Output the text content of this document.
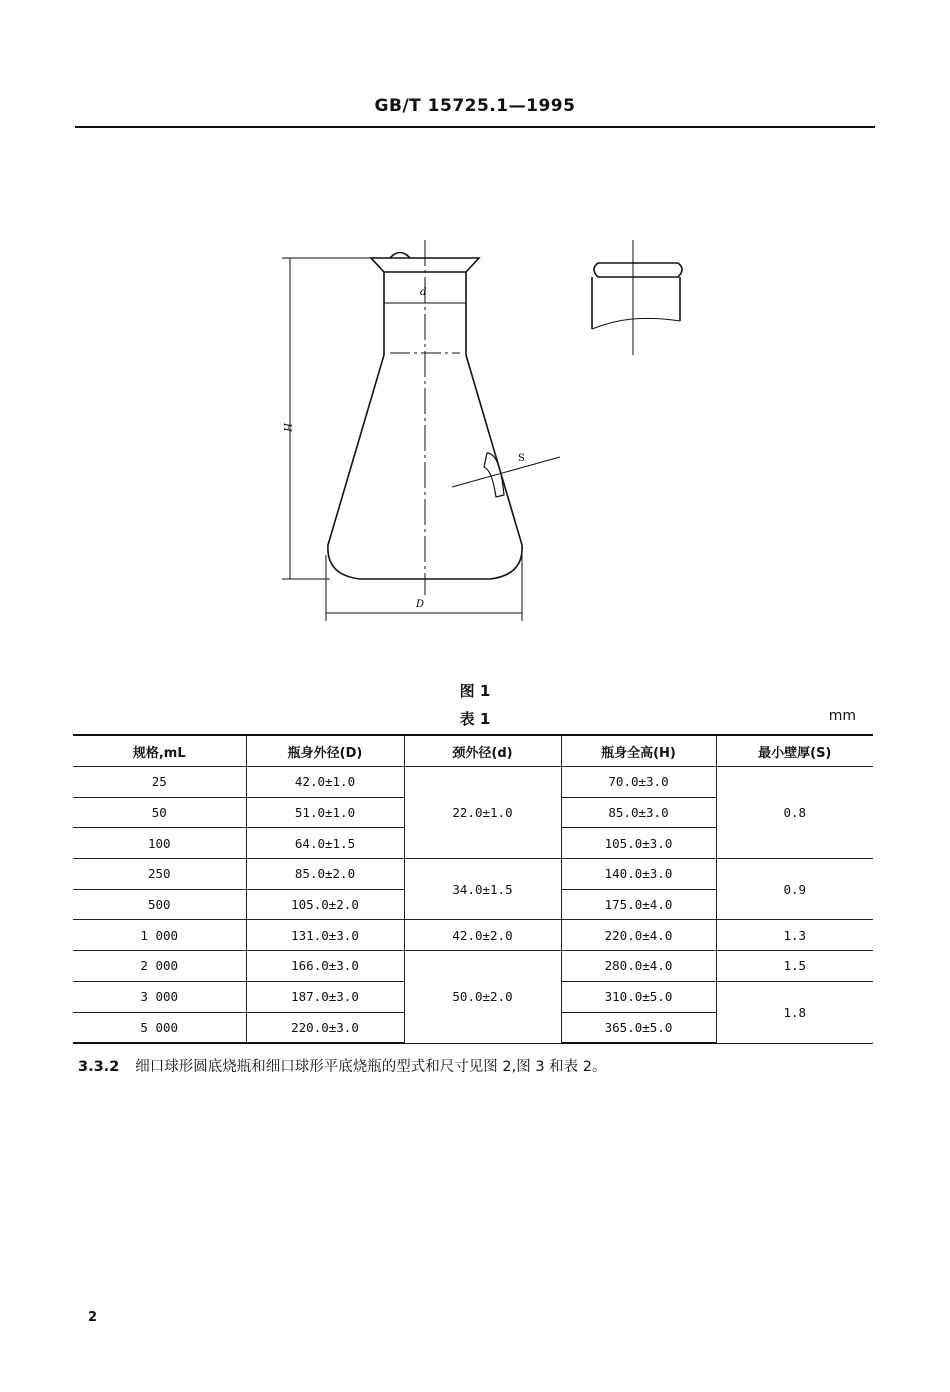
GB/T 15725.1—1995
d
H
S
D
图 1
表 1	mm
规格,mL	瓶身外径(D)	颈外径(d)	瓶身全高(H)	最小壁厚(S)
25	42.0±1.0	22.0±1.0	70.0±3.0	0.8
50	51.0±1.0		85.0±3.0	
100	64.0±1.5		105.0±3.0	
250	85.0±2.0	34.0±1.5	140.0±3.0	0.9
500	105.0±2.0		175.0±4.0	
1 000	131.0±3.0	42.0±2.0	220.0±4.0	1.3
2 000	166.0±3.0	50.0±2.0	280.0±4.0	1.5
3 000	187.0±3.0		310.0±5.0	1.8
5 000	220.0±3.0		365.0±5.0	
3.3.2 细口球形圆底烧瓶和细口球形平底烧瓶的型式和尺寸见图 2,图 3 和表 2。
2
